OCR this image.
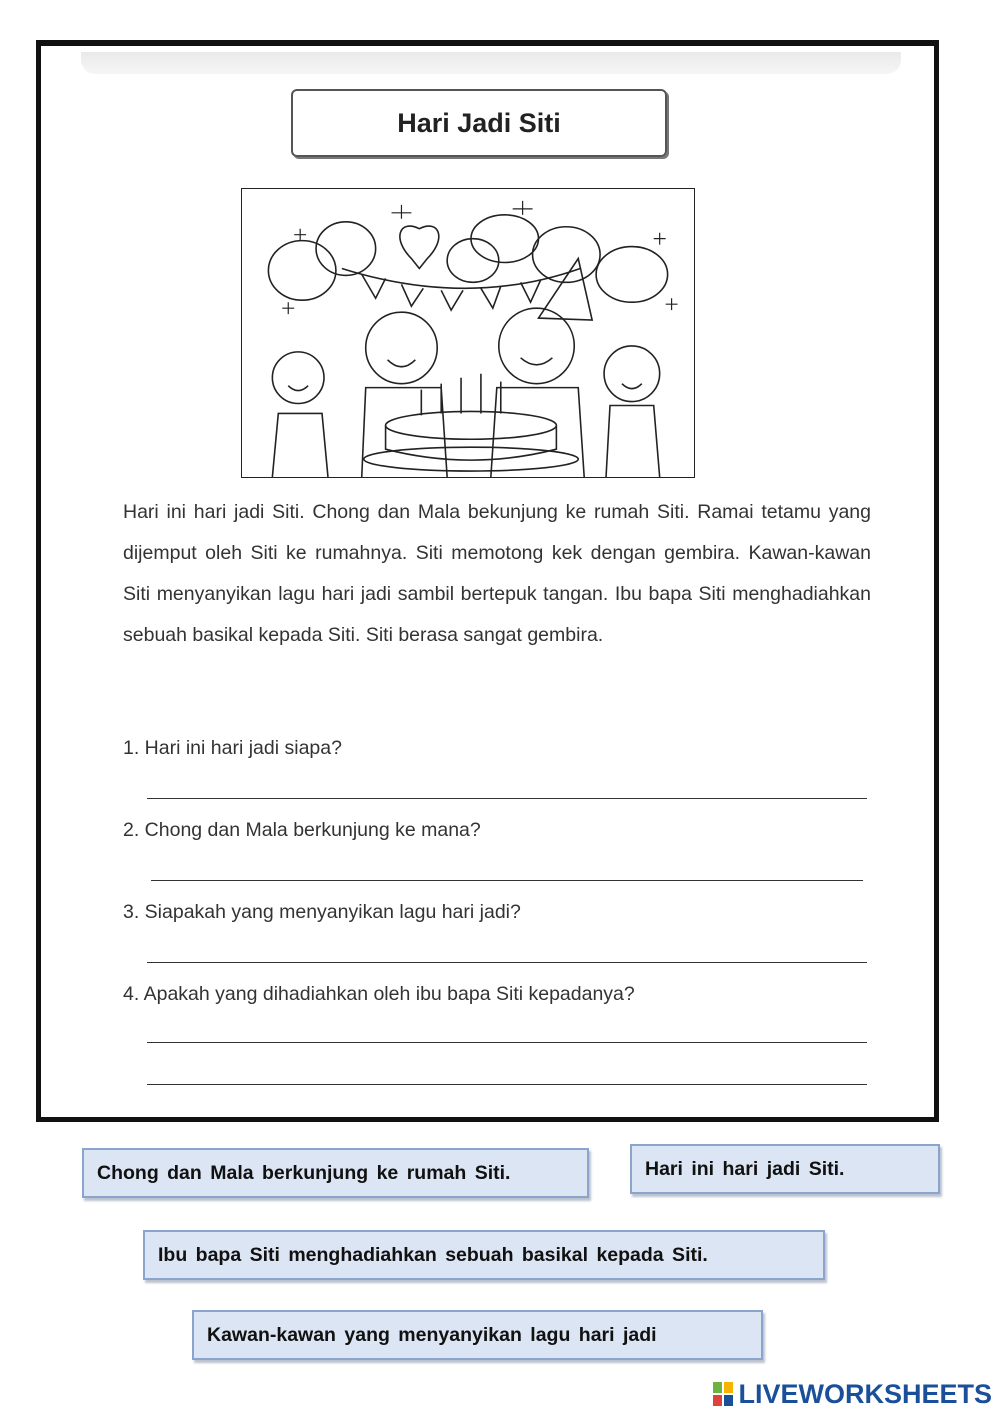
Hari Jadi Siti
Hari ini hari jadi Siti. Chong dan Mala bekunjung ke rumah Siti. Ramai tetamu yang dijemput oleh Siti ke rumahnya. Siti memotong kek dengan gembira. Kawan-kawan Siti menyanyikan lagu hari jadi sambil bertepuk tangan. Ibu bapa Siti menghadiahkan sebuah basikal kepada Siti. Siti berasa sangat gembira.
1. Hari ini hari jadi siapa?
2. Chong dan Mala berkunjung ke mana?
3. Siapakah yang menyanyikan lagu hari jadi?
4. Apakah yang dihadiahkan oleh ibu bapa Siti kepadanya?
Chong dan Mala berkunjung ke rumah Siti.	Hari ini hari jadi Siti.
Ibu bapa Siti menghadiahkan sebuah basikal kepada Siti.
Kawan-kawan yang menyanyikan lagu hari jadi
LIVEWORKSHEETS
